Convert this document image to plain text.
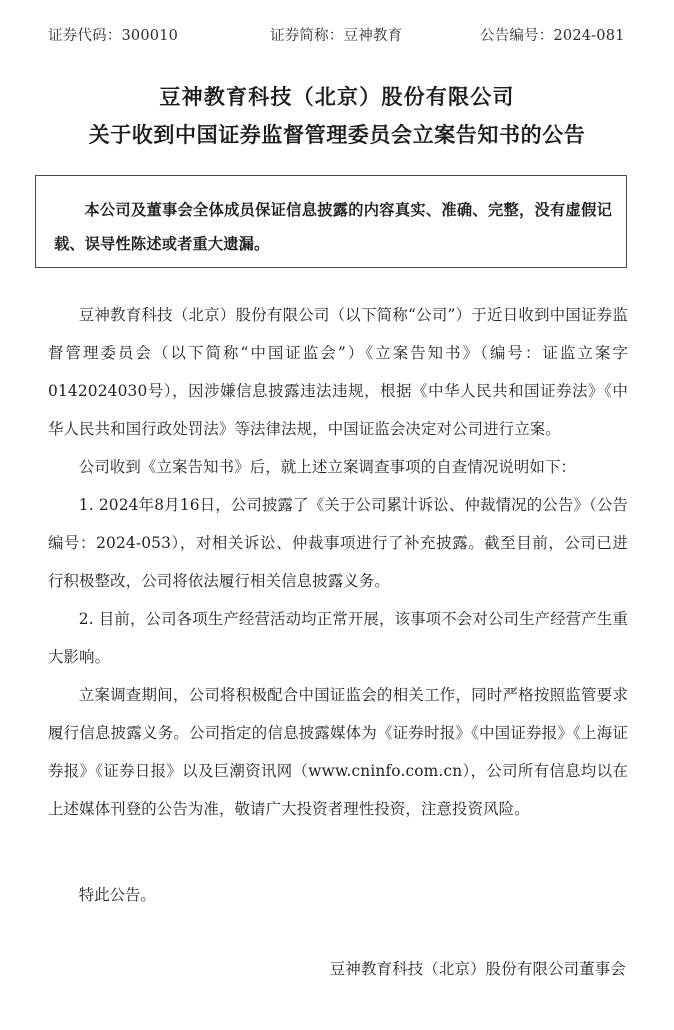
证券代码：300010	证券简称：豆神教育	公告编号：2024-081
豆神教育科技（北京）股份有限公司
关于收到中国证券监督管理委员会立案告知书的公告

本公司及董事会全体成员保证信息披露的内容真实、准确、完整，没有虚假记载、误导性陈述或者重大遗漏。

豆神教育科技（北京）股份有限公司（以下简称“公司”）于近日收到中国证券监督管理委员会（以下简称“中国证监会”）《立案告知书》（编号：证监立案字0142024030号），因涉嫌信息披露违法违规，根据《中华人民共和国证券法》《中华人民共和国行政处罚法》等法律法规，中国证监会决定对公司进行立案。

公司收到《立案告知书》后，就上述立案调查事项的自查情况说明如下：

1. 2024年8月16日，公司披露了《关于公司累计诉讼、仲裁情况的公告》（公告编号：2024-053），对相关诉讼、仲裁事项进行了补充披露。截至目前，公司已进行积极整改，公司将依法履行相关信息披露义务。

2. 目前，公司各项生产经营活动均正常开展，该事项不会对公司生产经营产生重大影响。

立案调查期间，公司将积极配合中国证监会的相关工作，同时严格按照监管要求履行信息披露义务。公司指定的信息披露媒体为《证券时报》《中国证券报》《上海证券报》《证券日报》以及巨潮资讯网（www.cninfo.com.cn），公司所有信息均以在上述媒体刊登的公告为准，敬请广大投资者理性投资，注意投资风险。

特此公告。
豆神教育科技（北京）股份有限公司董事会
